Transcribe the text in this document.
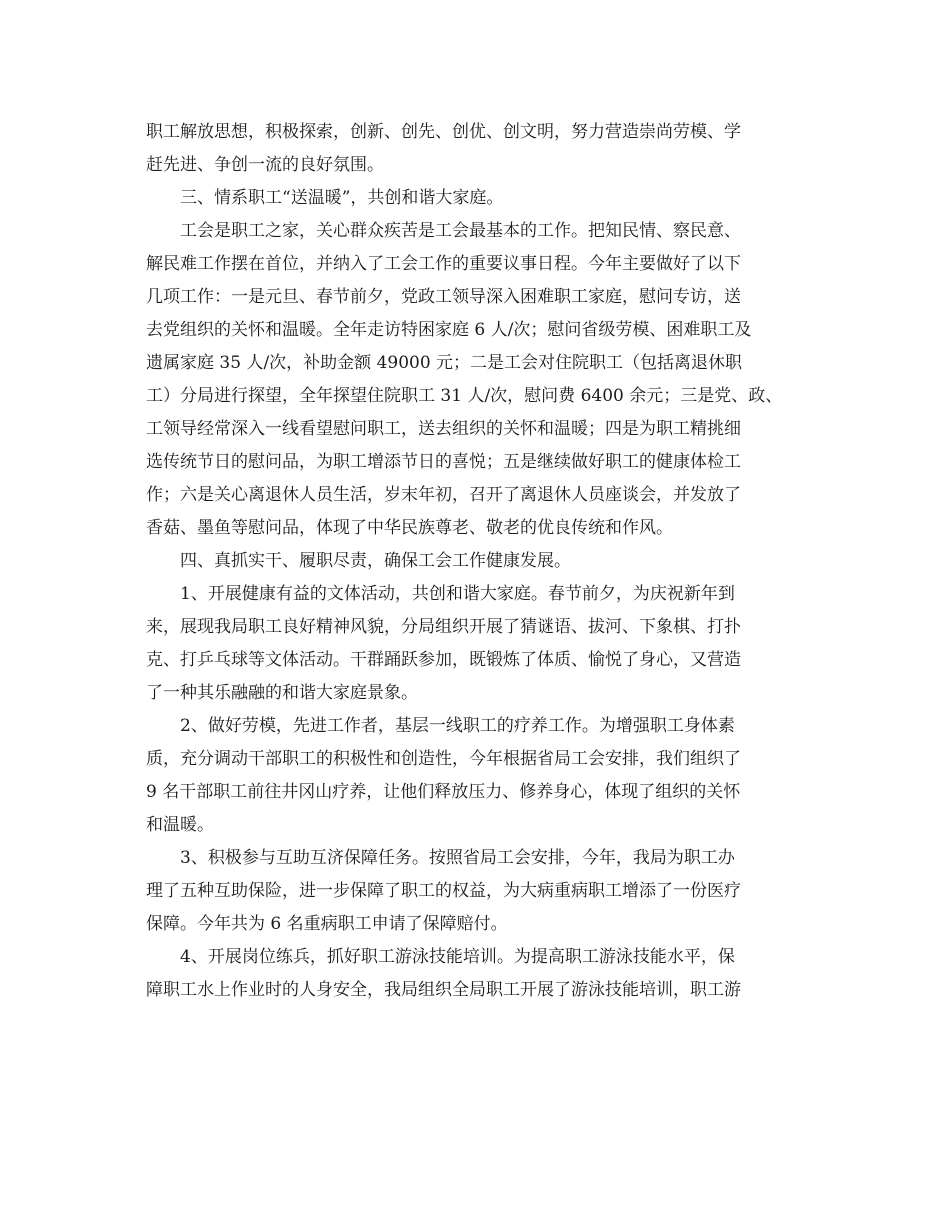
职工解放思想，积极探索，创新、创先、创优、创文明，努力营造崇尚劳模、学
赶先进、争创一流的良好氛围。
三、情系职工“送温暖”，共创和谐大家庭。
工会是职工之家，关心群众疾苦是工会最基本的工作。把知民情、察民意、
解民难工作摆在首位，并纳入了工会工作的重要议事日程。今年主要做好了以下
几项工作：一是元旦、春节前夕，党政工领导深入困难职工家庭，慰问专访，送
去党组织的关怀和温暖。全年走访特困家庭 6 人/次；慰问省级劳模、困难职工及
遗属家庭 35 人/次，补助金额 49000 元；二是工会对住院职工（包括离退休职
工）分局进行探望，全年探望住院职工 31 人/次，慰问费 6400 余元；三是党、政、
工领导经常深入一线看望慰问职工，送去组织的关怀和温暖；四是为职工精挑细
选传统节日的慰问品，为职工增添节日的喜悦；五是继续做好职工的健康体检工
作；六是关心离退休人员生活，岁末年初，召开了离退休人员座谈会，并发放了
香菇、墨鱼等慰问品，体现了中华民族尊老、敬老的优良传统和作风。
四、真抓实干、履职尽责，确保工会工作健康发展。
1、开展健康有益的文体活动，共创和谐大家庭。春节前夕，为庆祝新年到
来，展现我局职工良好精神风貌，分局组织开展了猜谜语、拔河、下象棋、打扑
克、打乒乓球等文体活动。干群踊跃参加，既锻炼了体质、愉悦了身心，又营造
了一种其乐融融的和谐大家庭景象。
2、做好劳模，先进工作者，基层一线职工的疗养工作。为增强职工身体素
质，充分调动干部职工的积极性和创造性，今年根据省局工会安排，我们组织了
9 名干部职工前往井冈山疗养，让他们释放压力、修养身心，体现了组织的关怀
和温暖。
3、积极参与互助互济保障任务。按照省局工会安排，今年，我局为职工办
理了五种互助保险，进一步保障了职工的权益，为大病重病职工增添了一份医疗
保障。今年共为 6 名重病职工申请了保障赔付。
4、开展岗位练兵，抓好职工游泳技能培训。为提高职工游泳技能水平，保
障职工水上作业时的人身安全，我局组织全局职工开展了游泳技能培训，职工游
